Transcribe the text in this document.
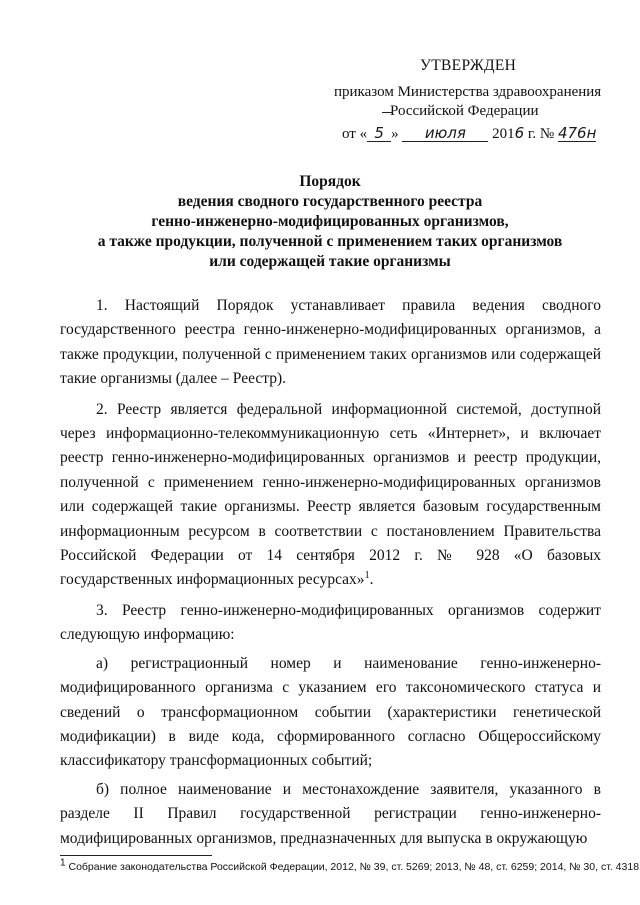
УТВЕРЖДЕН
приказом Министерства здравоохранения
Российской Федерации
от « 5 » июля 2016 г. № 476н
Порядок
ведения сводного государственного реестра
генно-инженерно-модифицированных организмов,
а также продукции, полученной с применением таких организмов
или содержащей такие организмы

1. Настоящий Порядок устанавливает правила ведения сводного государственного реестра генно-инженерно-модифицированных организмов, а также продукции, полученной с применением таких организмов или содержащей такие организмы (далее – Реестр).

2. Реестр является федеральной информационной системой, доступной через информационно-телекоммуникационную сеть «Интернет», и включает реестр генно-инженерно-модифицированных организмов и реестр продукции, полученной с применением генно-инженерно-модифицированных организмов или содержащей такие организмы. Реестр является базовым государственным информационным ресурсом в соответствии с постановлением Правительства Российской Федерации от 14 сентября 2012 г. № 928 «О базовых государственных информационных ресурсах»$^1$.

3. Реестр генно-инженерно-модифицированных организмов содержит следующую информацию:

а) регистрационный номер и наименование генно-инженерно-модифицированного организма с указанием его таксономического статуса и сведений о трансформационном событии (характеристики генетической модификации) в виде кода, сформированного согласно Общероссийскому классификатору трансформационных событий;

б) полное наименование и местонахождение заявителя, указанного в разделе II Правил государственной регистрации генно-инженерно-модифицированных организмов, предназначенных для выпуска в окружающую

$^1$ Собрание законодательства Российской Федерации, 2012, № 39, ст. 5269; 2013, № 48, ст. 6259; 2014, № 30, ст. 4318
